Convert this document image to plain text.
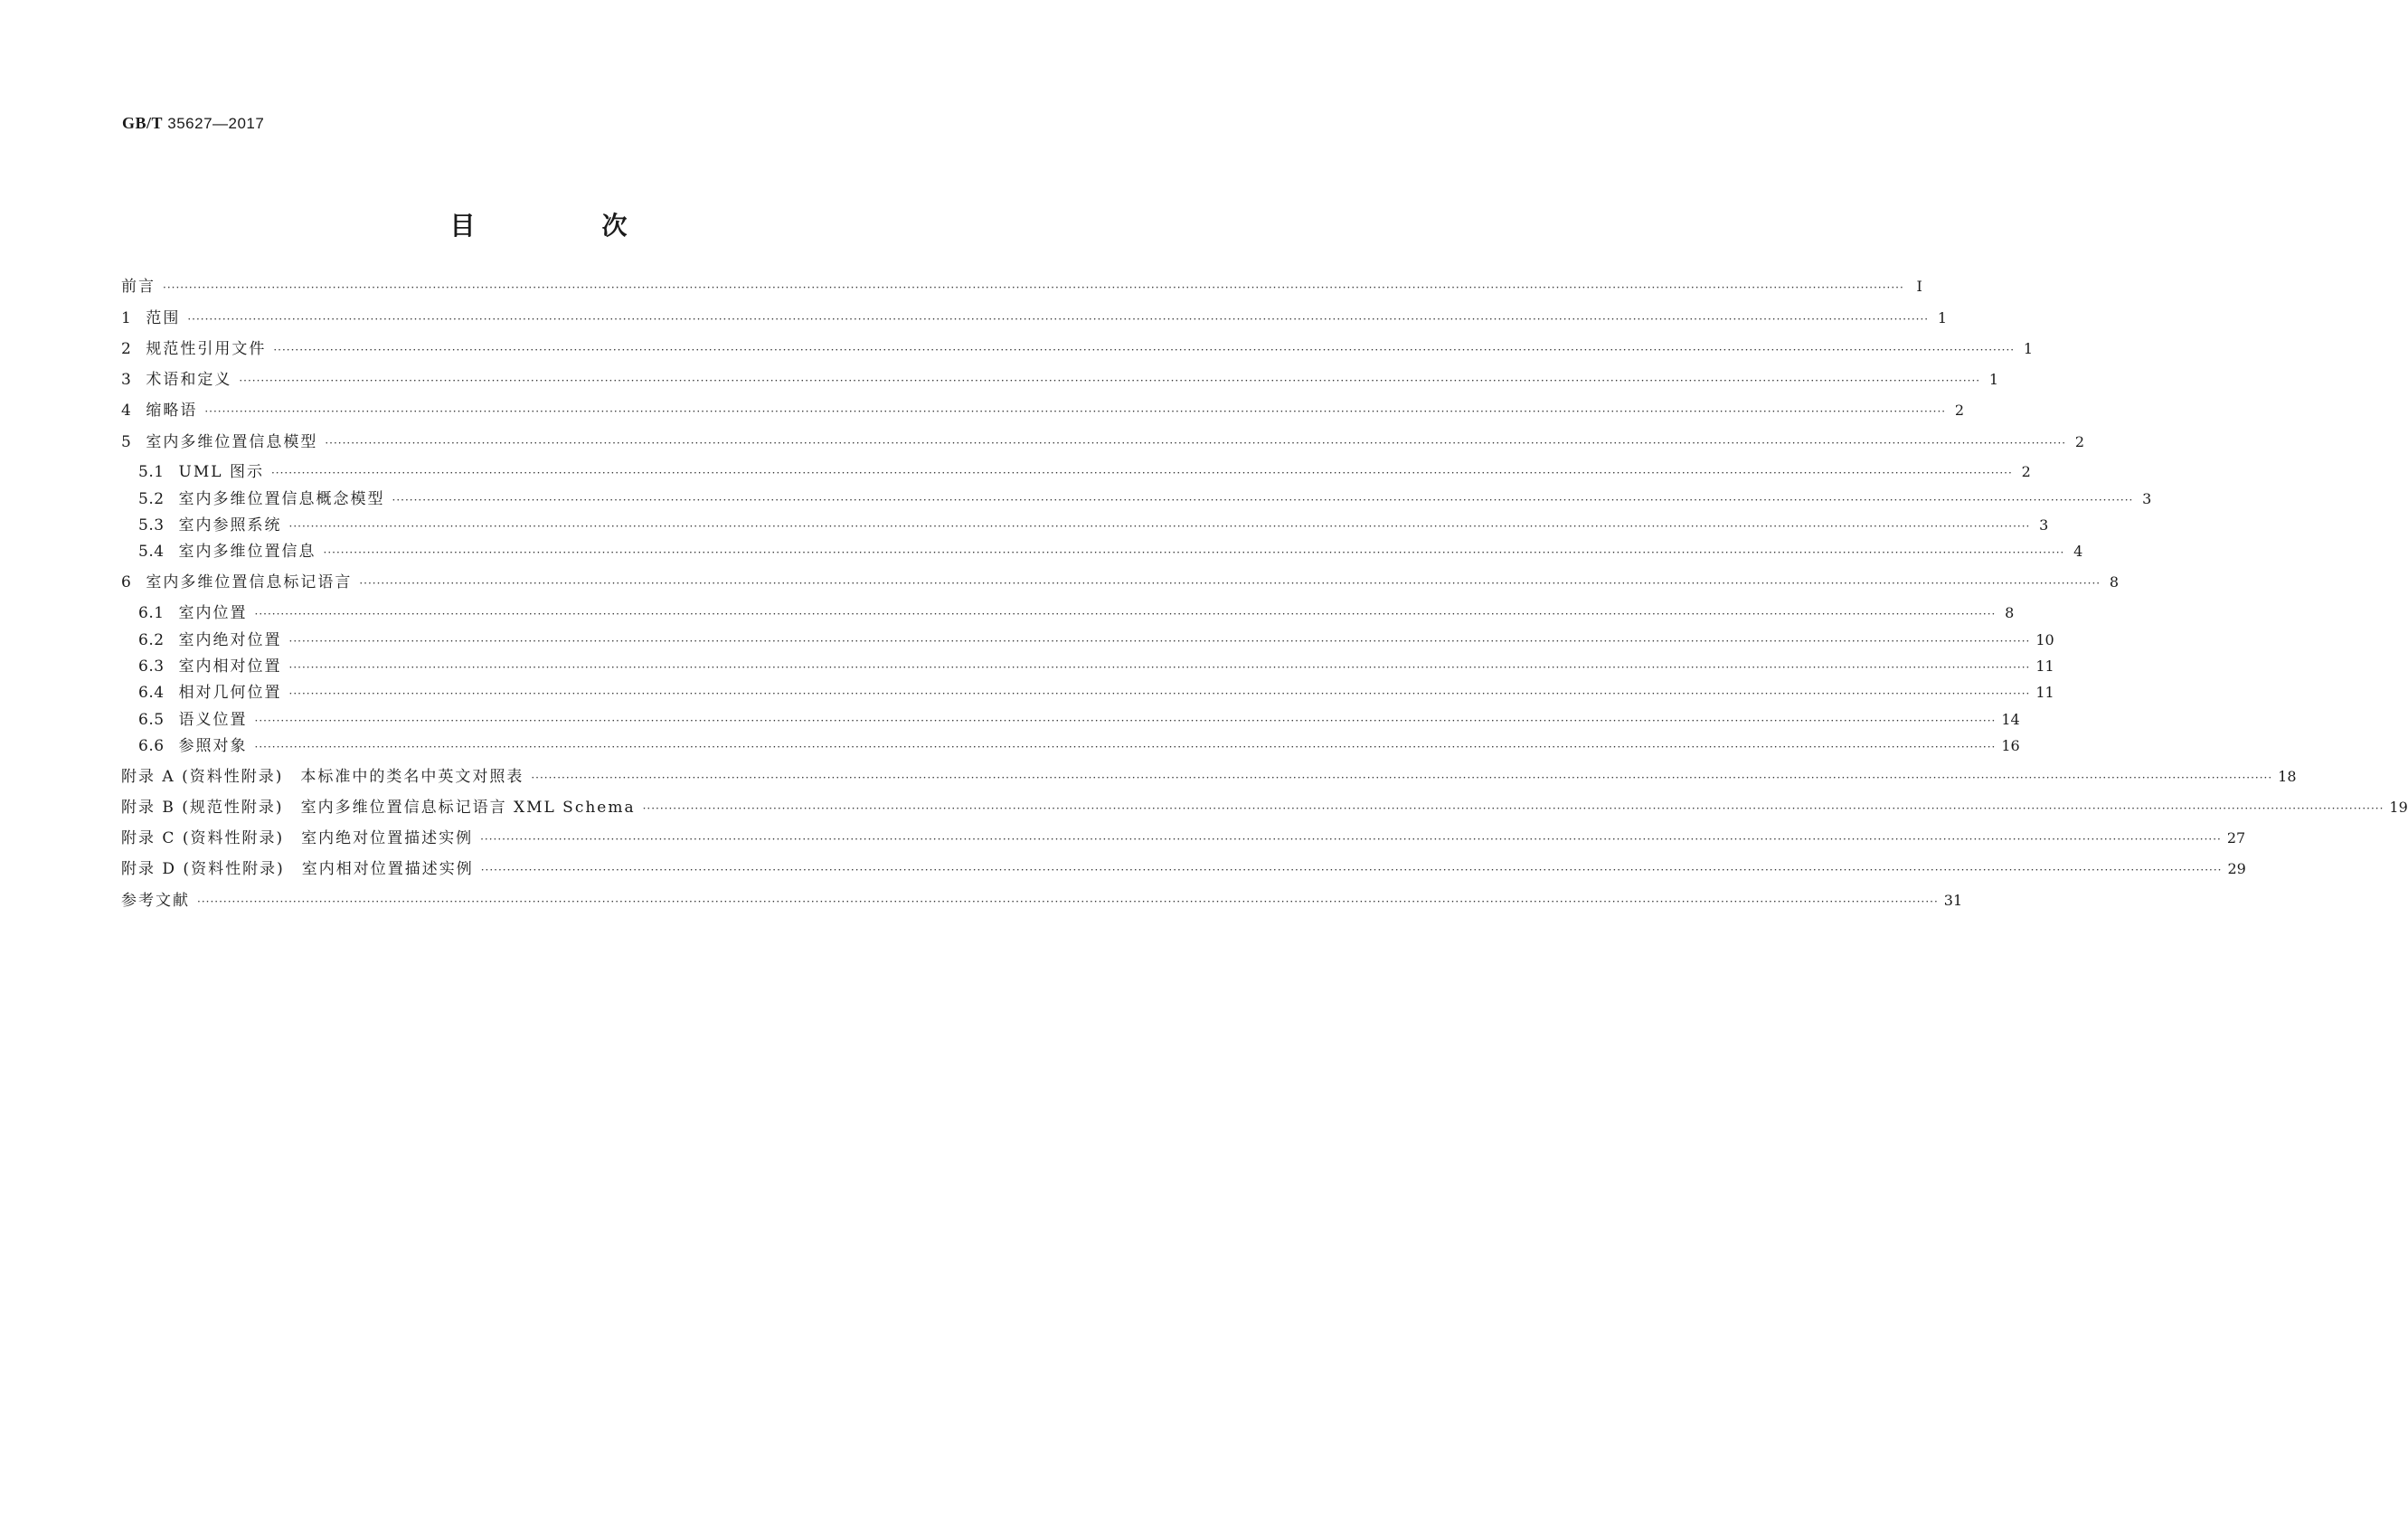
GB/T 35627—2017
目　次
前言 ················································································································································································································································································································································································································ Ⅰ
1 范围 ················································································································································································································································································································································································································ 1
2 规范性引用文件 ················································································································································································································································································································································································································ 1
3 术语和定义 ················································································································································································································································································································································································································ 1
4 缩略语 ················································································································································································································································································································································································································ 2
5 室内多维位置信息模型 ················································································································································································································································································································································································································ 2
5.1 UML 图示 ················································································································································································································································································································································································································ 2
5.2 室内多维位置信息概念模型 ················································································································································································································································································································································································································ 3
5.3 室内参照系统 ················································································································································································································································································································································································································ 3
5.4 室内多维位置信息 ················································································································································································································································································································································································································ 4
6 室内多维位置信息标记语言 ················································································································································································································································································································································································································ 8
6.1 室内位置 ················································································································································································································································································································································································································ 8
6.2 室内绝对位置 ················································································································································································································································································································································································································ 10
6.3 室内相对位置 ················································································································································································································································································································································································································ 11
6.4 相对几何位置 ················································································································································································································································································································································································································ 11
6.5 语义位置 ················································································································································································································································································································································································································ 14
6.6 参照对象 ················································································································································································································································································································································································································ 16
附录 A (资料性附录)　本标准中的类名中英文对照表 ················································································································································································································································································································································································································ 18
附录 B (规范性附录)　室内多维位置信息标记语言 XML Schema ················································································································································································································································································································································································································ 19
附录 C (资料性附录)　室内绝对位置描述实例 ················································································································································································································································································································································································································ 27
附录 D (资料性附录)　室内相对位置描述实例 ················································································································································································································································································································································································································ 29
参考文献 ················································································································································································································································································································································································································ 31
